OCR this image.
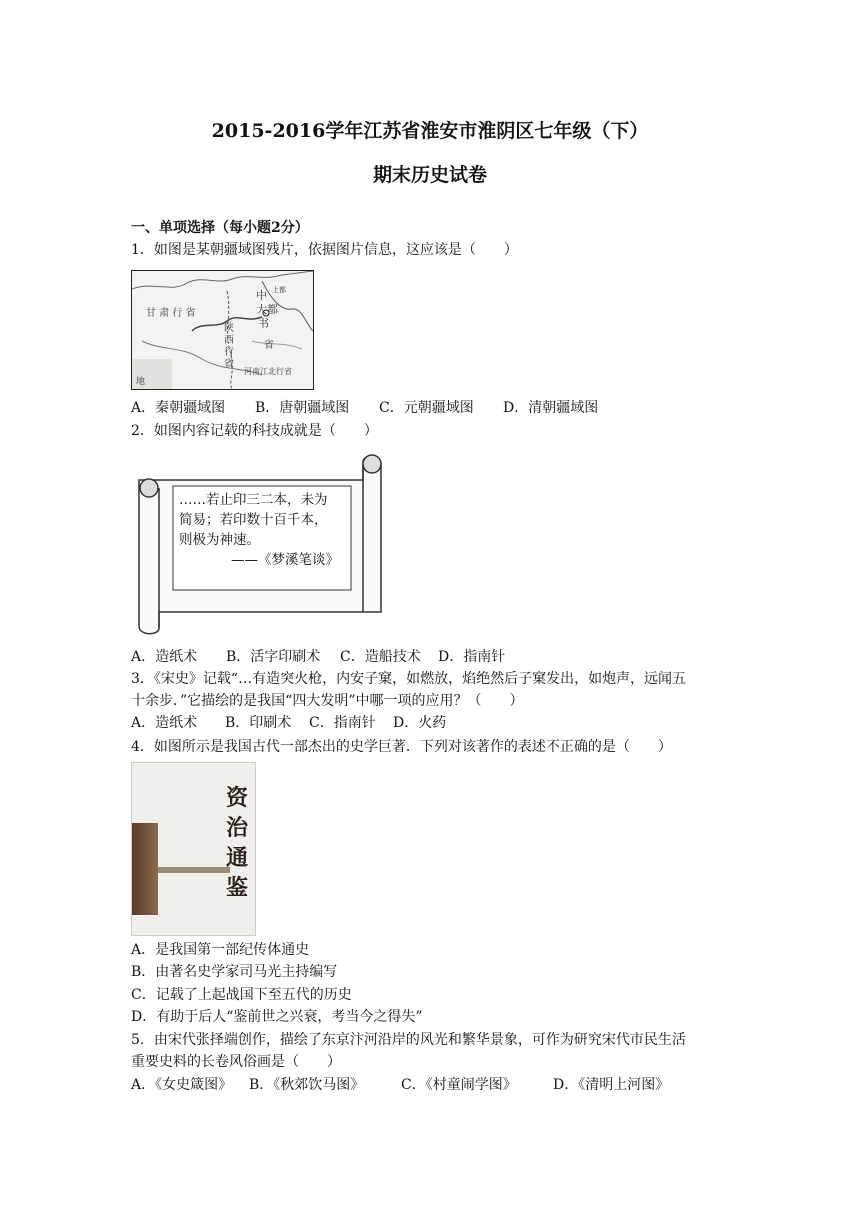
2015-2016学年江苏省淮安市淮阴区七年级（下）
期末历史试卷
一、单项选择（每小题2分）
1．如图是某朝疆域图残片，依据图片信息，这应该是（　　）
甘 肃 行 省
中 上都
大都
书
陕西行省
省
河南江北行省
地
A．秦朝疆域图 B．唐朝疆域图 C．元朝疆域图 D．清朝疆域图
2．如图内容记载的科技成就是（　　）
……若止印三二本，未为
简易；若印数十百千本，
则极为神速。
——《梦溪笔谈》
A．造纸术 B．活字印刷术 C．造船技术 D．指南针
3．《宋史》记载“…有造突火枪，内安子窠，如燃放，焰绝然后子窠发出，如炮声，远闻五
十余步．”它描绘的是我国“四大发明”中哪一项的应用？（　　）
A．造纸术 B．印刷术 C．指南针 D．火药
4．如图所示是我国古代一部杰出的史学巨著．下列对该著作的表述不正确的是（　　）
资
治
通
鉴
A．是我国第一部纪传体通史
B．由著名史学家司马光主持编写
C．记载了上起战国下至五代的历史
D．有助于后人“鉴前世之兴衰，考当今之得失”
5．由宋代张择端创作，描绘了东京汴河沿岸的风光和繁华景象，可作为研究宋代市民生活
重要史料的长卷风俗画是（　　）
A．《女史箴图》 B．《秋郊饮马图》	C．《村童闹学图》	D．《清明上河图》
